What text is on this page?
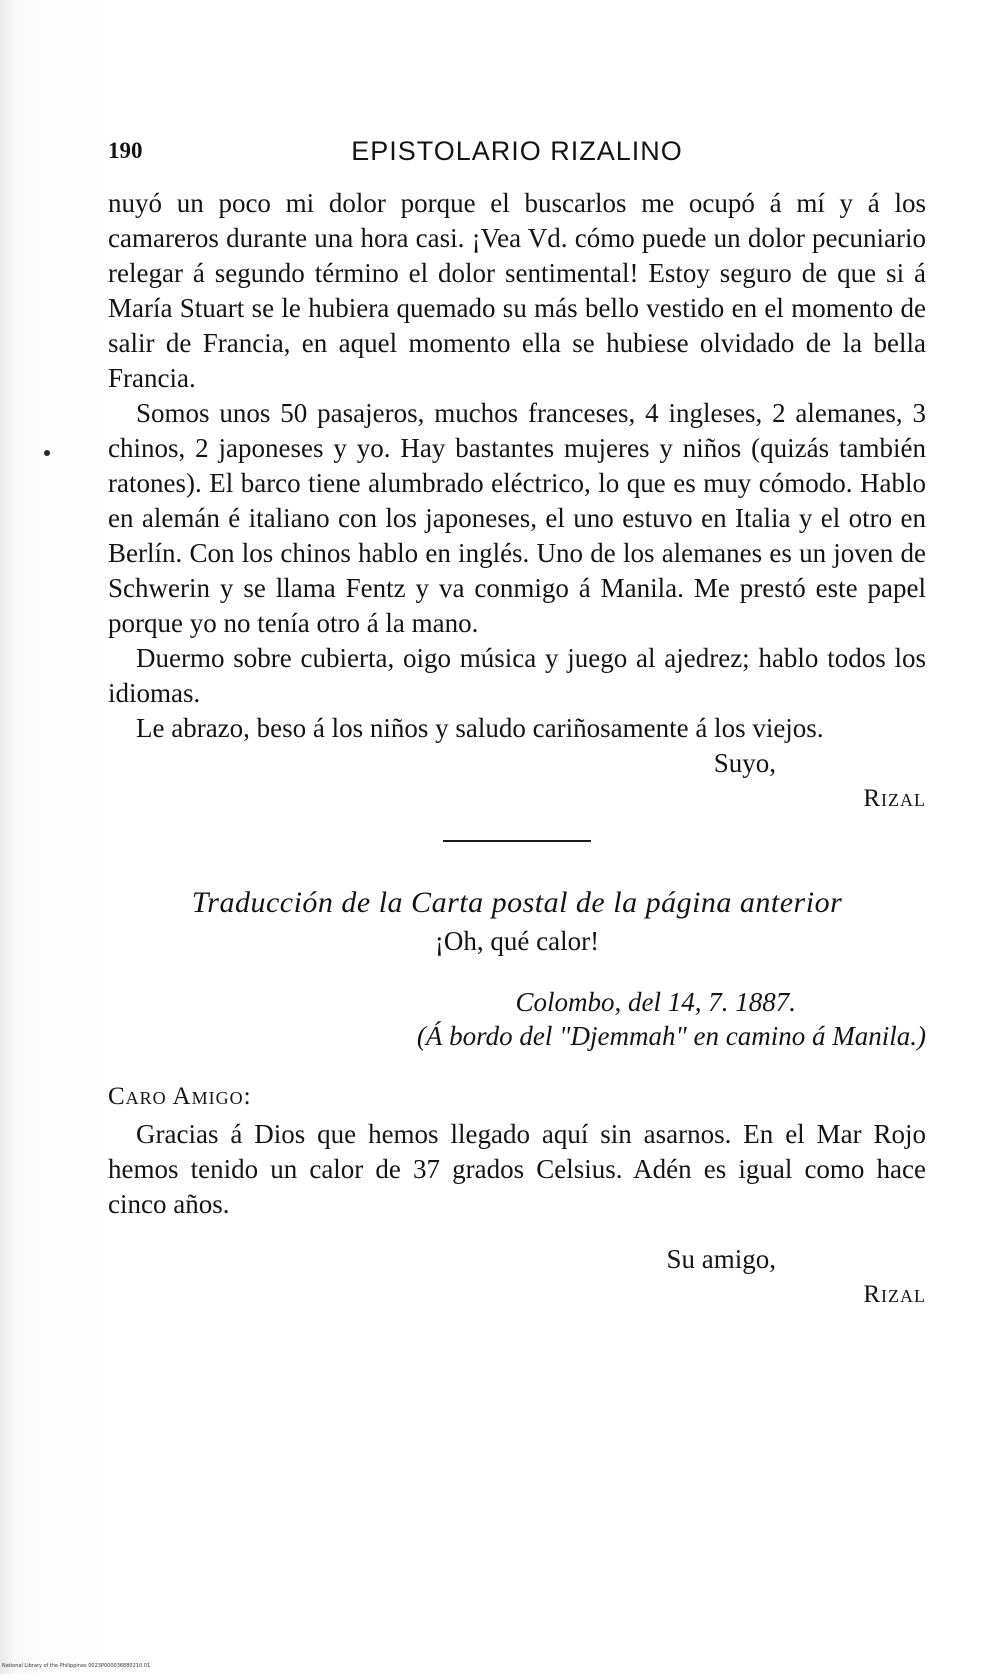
190	EPISTOLARIO RIZALINO

nuyó un poco mi dolor porque el buscarlos me ocupó á mí y á los camareros durante una hora casi. ¡Vea Vd. cómo puede un dolor pecuniario relegar á segundo término el dolor sentimental! Estoy seguro de que si á María Stuart se le hubiera quemado su más bello vestido en el momento de salir de Francia, en aquel momento ella se hubiese olvidado de la bella Francia.

Somos unos 50 pasajeros, muchos franceses, 4 ingleses, 2 alemanes, 3 chinos, 2 japoneses y yo. Hay bastantes mujeres y niños (quizás también ratones). El barco tiene alumbrado eléctrico, lo que es muy cómodo. Hablo en alemán é italiano con los japoneses, el uno estuvo en Italia y el otro en Berlín. Con los chinos hablo en inglés. Uno de los alemanes es un joven de Schwerin y se llama Fentz y va conmigo á Manila. Me prestó este papel porque yo no tenía otro á la mano.

Duermo sobre cubierta, oigo música y juego al ajedrez; hablo todos los idiomas.

Le abrazo, beso á los niños y saludo cariñosamente á los viejos.

Suyo,

Rizal

Traducción de la Carta postal de la página anterior

¡Oh, qué calor!

Colombo, del 14, 7. 1887.

(Á bordo del "Djemmah" en camino á Manila.)

Caro Amigo:

Gracias á Dios que hemos llegado aquí sin asarnos. En el Mar Rojo hemos tenido un calor de 37 grados Celsius. Adén es igual como hace cinco años.

Su amigo,

Rizal

National Library of the Philippines 0023P000036880210 01
